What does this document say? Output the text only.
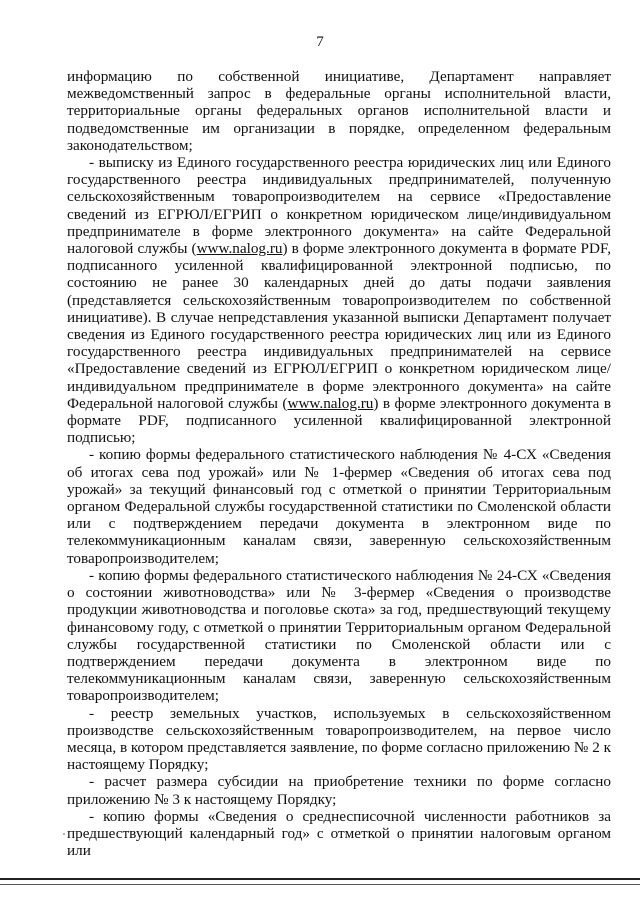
7

информацию по собственной инициативе, Департамент направляет межведомственный запрос в федеральные органы исполнительной власти, территориальные органы федеральных органов исполнительной власти и подведомственные им организации в порядке, определенном федеральным законодательством;

- выписку из Единого государственного реестра юридических лиц или Единого государственного реестра индивидуальных предпринимателей, полученную сельскохозяйственным товаропроизводителем на сервисе «Предоставление сведений из ЕГРЮЛ/ЕГРИП о конкретном юридическом лице/индивидуальном предпринимателе в форме электронного документа» на сайте Федеральной налоговой службы (www.nalog.ru) в форме электронного документа в формате PDF, подписанного усиленной квалифицированной электронной подписью, по состоянию не ранее 30 календарных дней до даты подачи заявления (представляется сельскохозяйственным товаропроизводителем по собственной инициативе). В случае непредставления указанной выписки Департамент получает сведения из Единого государственного реестра юридических лиц или из Единого государственного реестра индивидуальных предпринимателей на сервисе «Предоставление сведений из ЕГРЮЛ/ЕГРИП о конкретном юридическом лице/индивидуальном предпринимателе в форме электронного документа» на сайте Федеральной налоговой службы (www.nalog.ru) в форме электронного документа в формате PDF, подписанного усиленной квалифицированной электронной подписью;

- копию формы федерального статистического наблюдения № 4-СХ «Сведения об итогах сева под урожай» или № 1-фермер «Сведения об итогах сева под урожай» за текущий финансовый год с отметкой о принятии Территориальным органом Федеральной службы государственной статистики по Смоленской области или с подтверждением передачи документа в электронном виде по телекоммуникационным каналам связи, заверенную сельскохозяйственным товаропроизводителем;

- копию формы федерального статистического наблюдения № 24-СХ «Сведения о состоянии животноводства» или № 3-фермер «Сведения о производстве продукции животноводства и поголовье скота» за год, предшествующий текущему финансовому году, с отметкой о принятии Территориальным органом Федеральной службы государственной статистики по Смоленской области или с подтверждением передачи документа в электронном виде по телекоммуникационным каналам связи, заверенную сельскохозяйственным товаропроизводителем;

- реестр земельных участков, используемых в сельскохозяйственном производстве сельскохозяйственным товаропроизводителем, на первое число месяца, в котором представляется заявление, по форме согласно приложению № 2 к настоящему Порядку;

- расчет размера субсидии на приобретение техники по форме согласно приложению № 3 к настоящему Порядку;

- копию формы «Сведения о среднесписочной численности работников за предшествующий календарный год» с отметкой о принятии налоговым органом или
